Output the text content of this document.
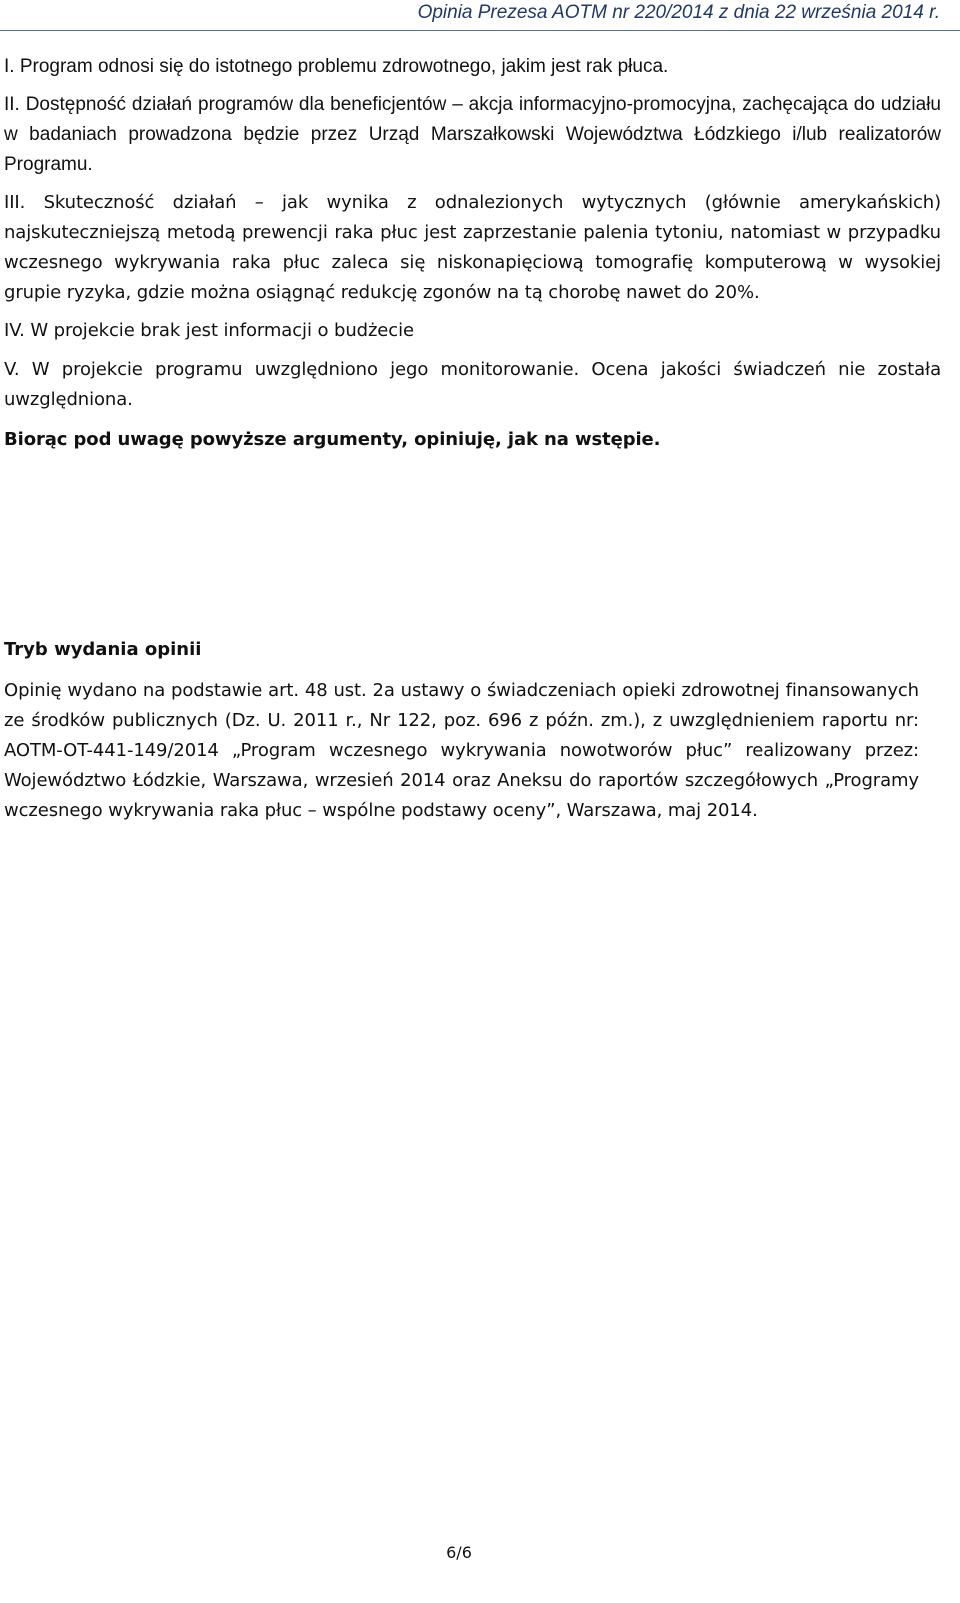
Opinia Prezesa AOTM nr 220/2014 z dnia 22 września 2014 r.

I. Program odnosi się do istotnego problemu zdrowotnego, jakim jest rak płuca.

II. Dostępność działań programów dla beneficjentów – akcja informacyjno-promocyjna, zachęcająca do udziału w badaniach prowadzona będzie przez Urząd Marszałkowski Województwa Łódzkiego i/lub realizatorów Programu.

III. Skuteczność działań – jak wynika z odnalezionych wytycznych (głównie amerykańskich) najskuteczniejszą metodą prewencji raka płuc jest zaprzestanie palenia tytoniu, natomiast w przypadku wczesnego wykrywania raka płuc zaleca się niskonapięciową tomografię komputerową w wysokiej grupie ryzyka, gdzie można osiągnąć redukcję zgonów na tą chorobę nawet do 20%.

IV. W projekcie brak jest informacji o budżecie

V. W projekcie programu uwzględniono jego monitorowanie. Ocena jakości świadczeń nie została uwzględniona.

Biorąc pod uwagę powyższe argumenty, opiniuję, jak na wstępie.

Tryb wydania opinii

Opinię wydano na podstawie art. 48 ust. 2a ustawy o świadczeniach opieki zdrowotnej finansowanych ze środków publicznych (Dz. U. 2011 r., Nr 122, poz. 696 z późn. zm.), z uwzględnieniem raportu nr: AOTM-OT-441-149/2014 „Program wczesnego wykrywania nowotworów płuc” realizowany przez: Województwo Łódzkie, Warszawa, wrzesień 2014 oraz Aneksu do raportów szczegółowych „Programy wczesnego wykrywania raka płuc – wspólne podstawy oceny”, Warszawa, maj 2014.

6/6
